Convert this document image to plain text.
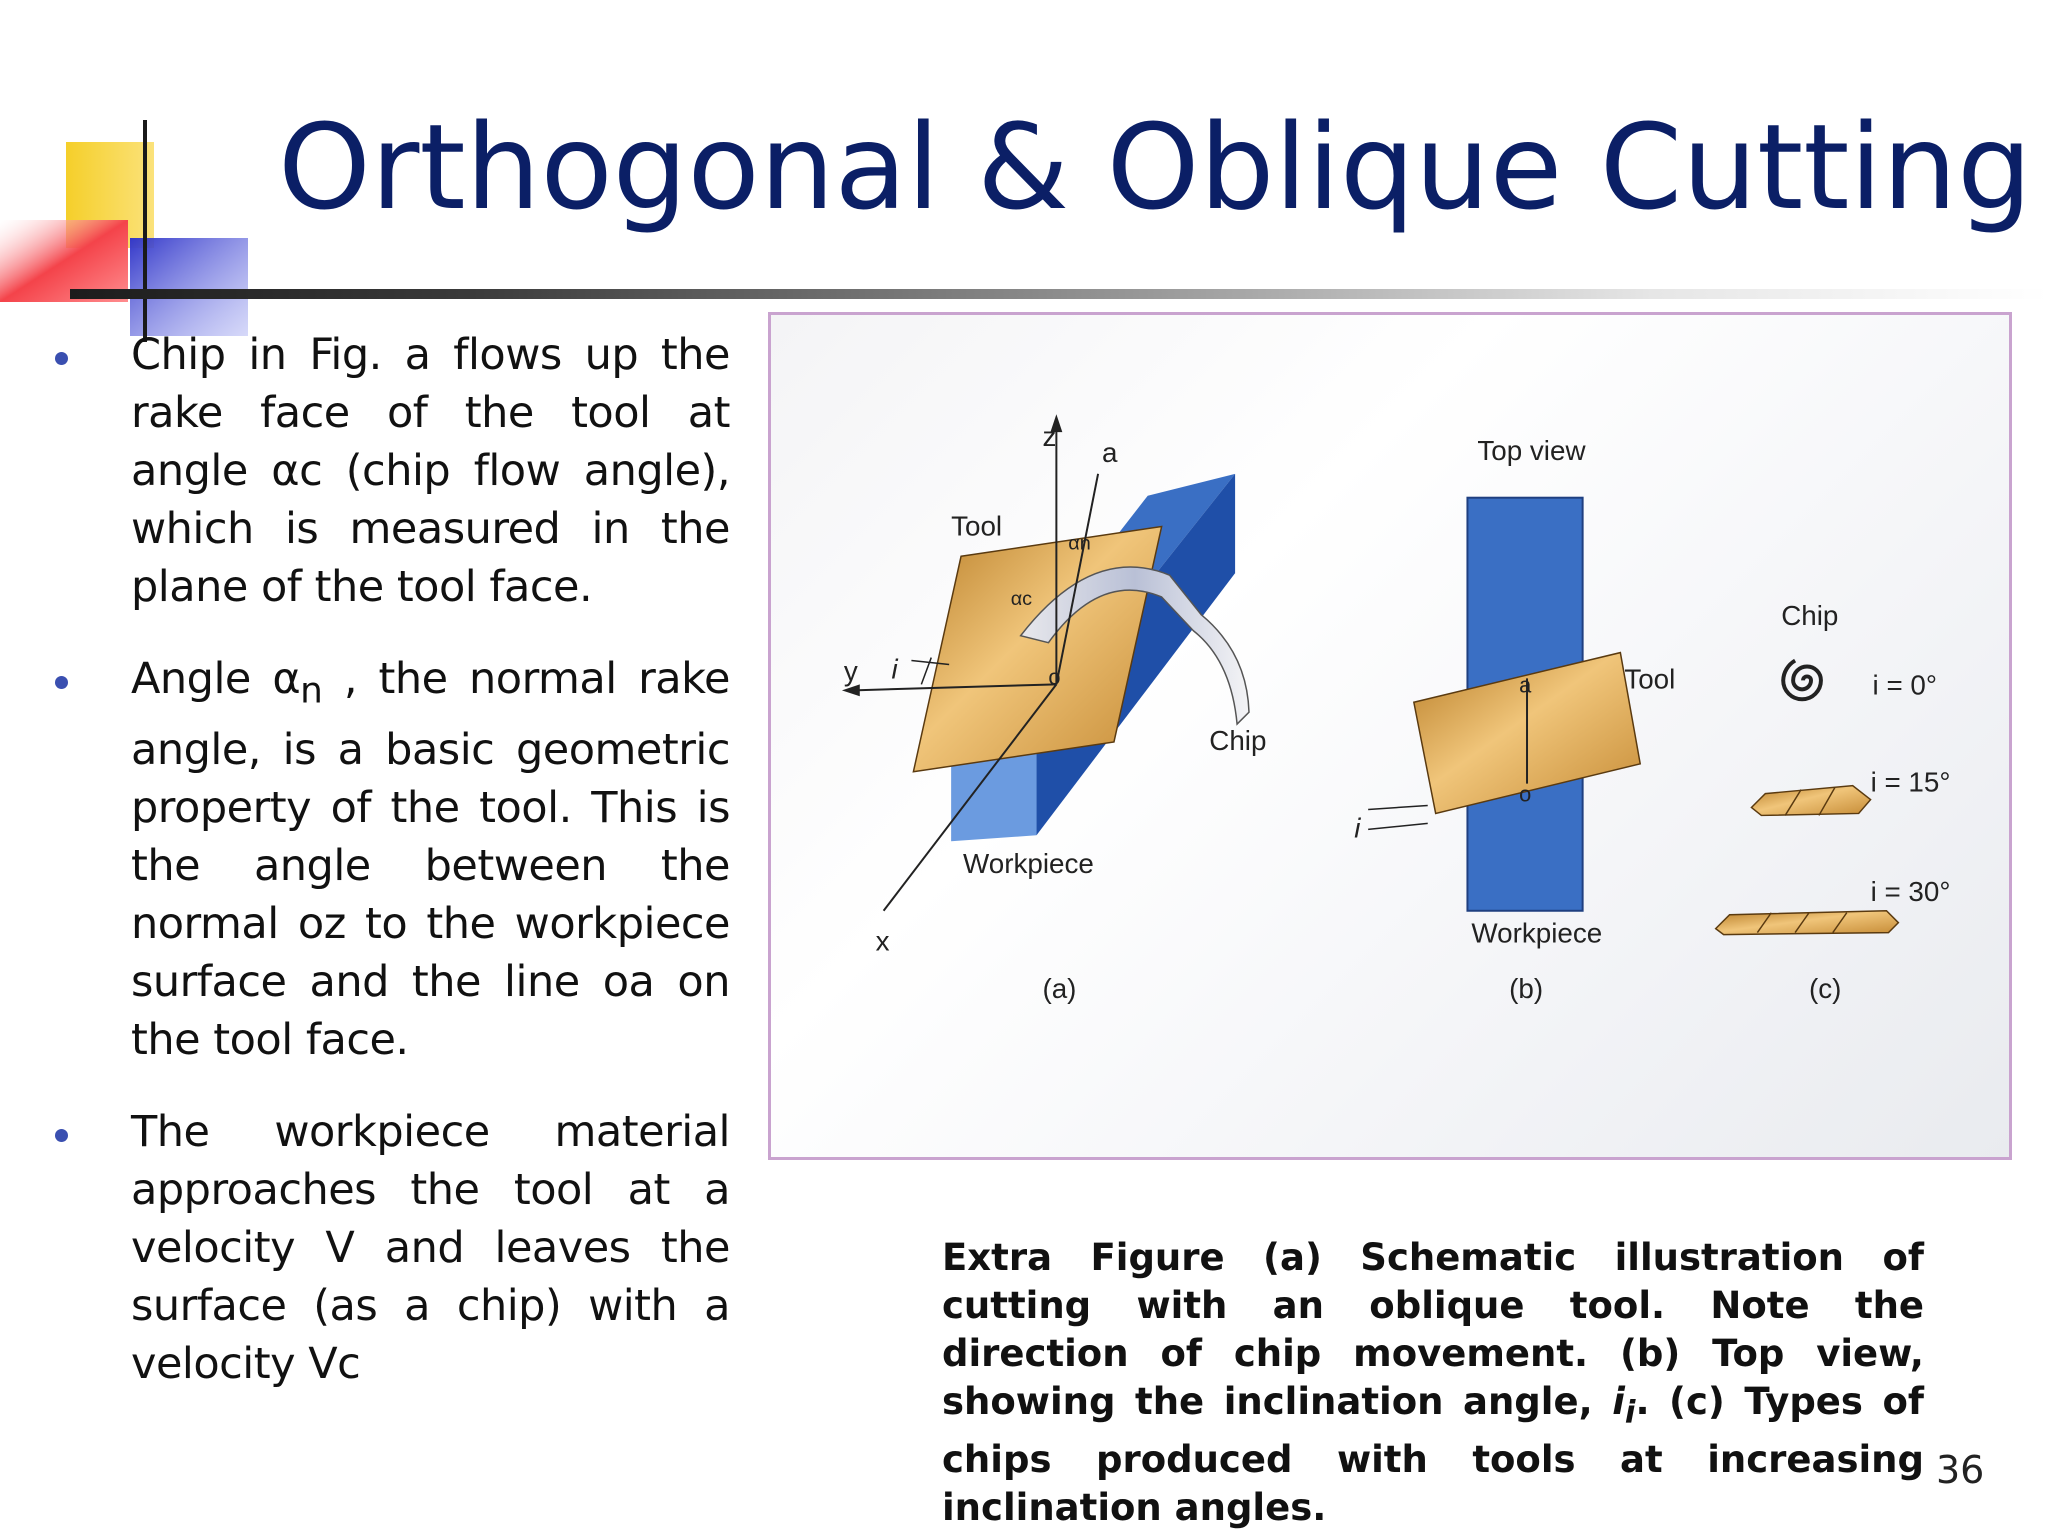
Orthogonal & Oblique Cutting
Chip in Fig. a flows up the rake face of the tool at angle αc (chip flow angle), which is measured in the plane of the tool face.
Angle $\alpha_n$ , the normal rake angle, is a basic geometric property of the tool. This is the angle between the normal oz to the workpiece surface and the line oa on the tool face.
The workpiece material approaches the tool at a velocity V and leaves the surface (as a chip) with a velocity Vc
z
a
Tool
αn
αc
y i	o
Chip
Workpiece
x
(a)
Top view
a
o
i
Tool
Workpiece
(b)
Chip
i = 0°
i = 15°
i = 30°
(c)

Extra Figure (a) Schematic illustration of cutting with an oblique tool. Note the direction of chip movement. (b) Top view, showing the inclination angle, $i_i$. (c) Types of chips produced with tools at increasing inclination angles.

36
